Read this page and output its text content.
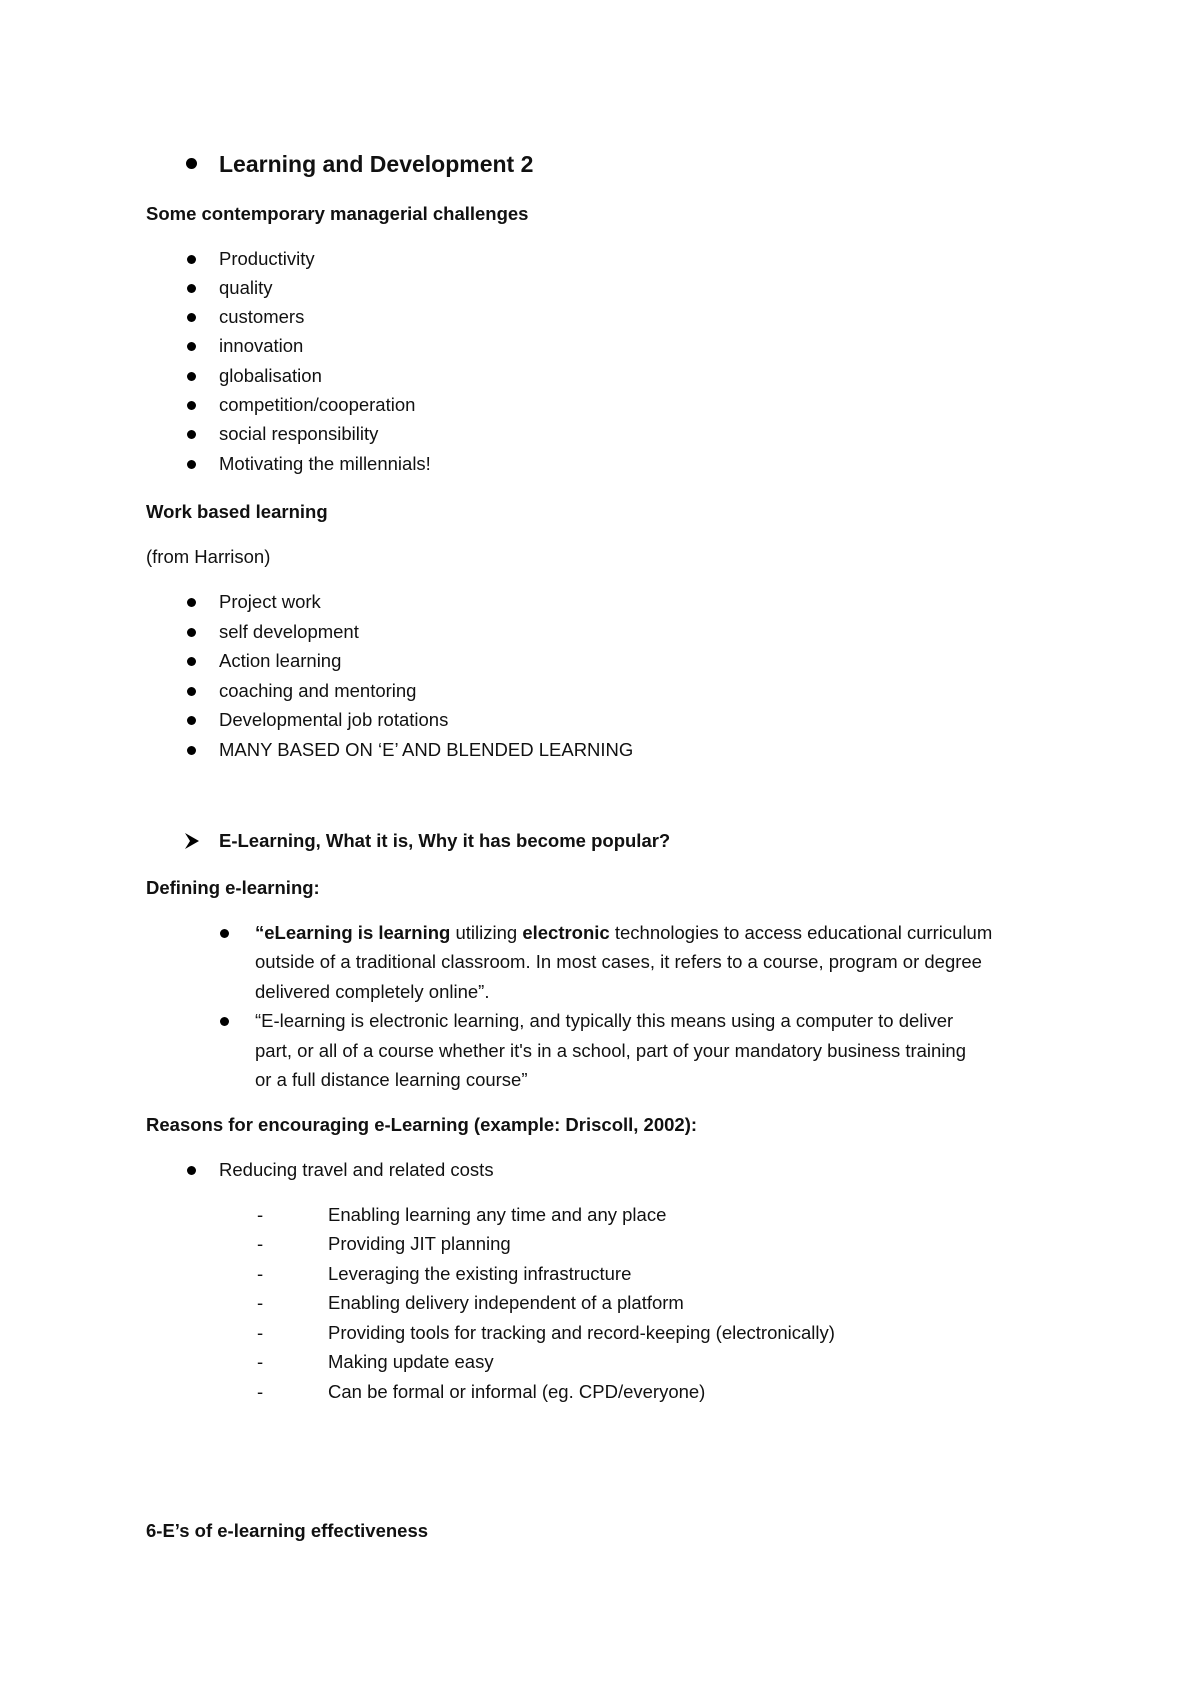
Learning and Development 2
Some contemporary managerial challenges
Productivity
quality
customers
innovation
globalisation
competition/cooperation
social responsibility
Motivating the millennials!
Work based learning
(from Harrison)
Project work
self development
Action learning
coaching and mentoring
Developmental job rotations
MANY BASED ON ‘E’ AND BLENDED LEARNING
E-Learning, What it is, Why it has become popular?
Defining e-learning:
“eLearning is learning utilizing electronic technologies to access educational curriculum
outside of a traditional classroom. In most cases, it refers to a course, program or degree
delivered completely online”.
“E-learning is electronic learning, and typically this means using a computer to deliver
part, or all of a course whether it's in a school, part of your mandatory business training
or a full distance learning course”
Reasons for encouraging e-Learning (example: Driscoll, 2002):
Reducing travel and related costs
-	Enabling learning any time and any place
-	Providing JIT planning
-	Leveraging the existing infrastructure
-	Enabling delivery independent of a platform
-	Providing tools for tracking and record-keeping (electronically)
-	Making update easy
-	Can be formal or informal (eg. CPD/everyone)
6-E’s of e-learning effectiveness
